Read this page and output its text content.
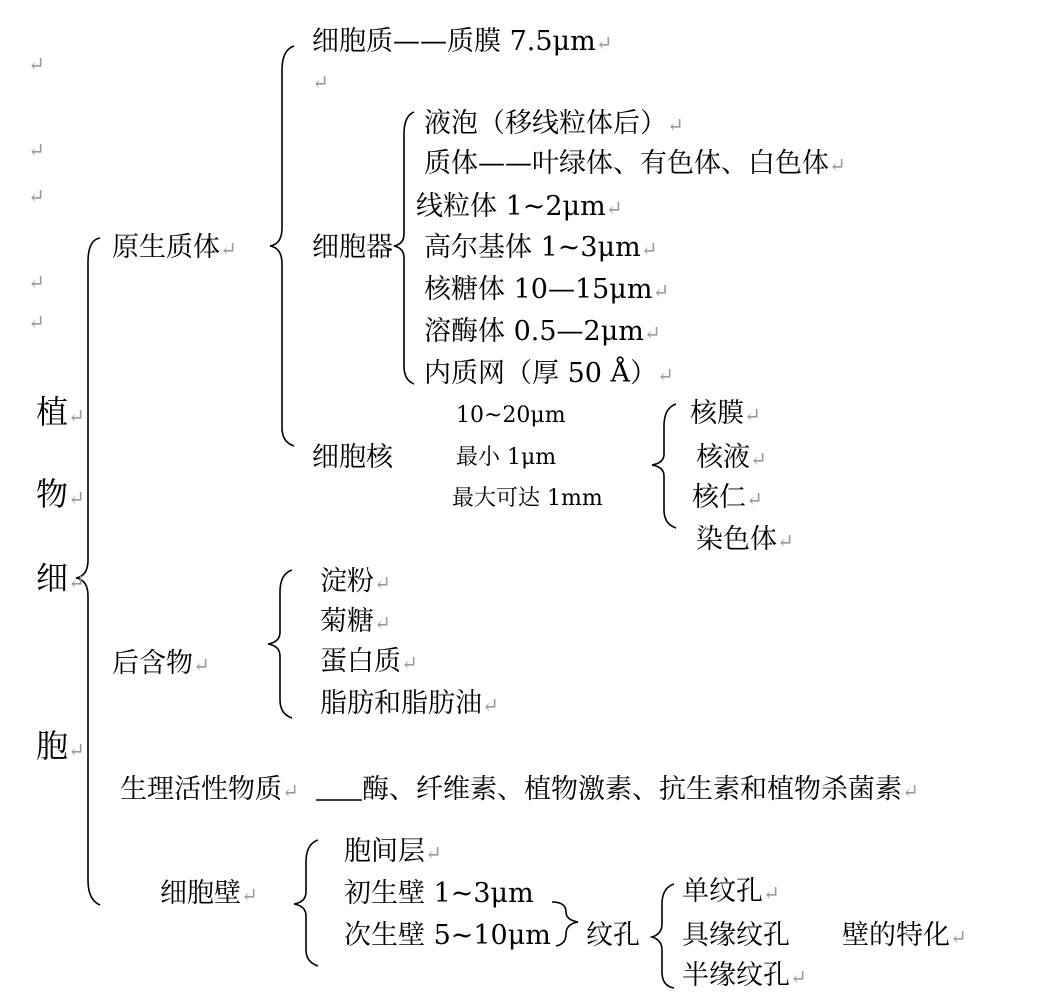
↵
↵
↵
↵
↵
植↵
物↵
细↵
胞↵
原生质体↵
细胞质——质膜 7.5μm↵
↵
细胞器
液泡（移线粒体后）↵
质体——叶绿体、有色体、白色体↵
线粒体 1~2μm↵
高尔基体 1~3μm↵
核糖体 10—15μm↵
溶酶体 0.5—2μm↵
内质网（厚 50 Å）↵
细胞核
10~20μm
最小 1μm
最大可达 1mm
核膜↵
核液↵
核仁↵
染色体↵
后含物↵
淀粉↵
菊糖↵
蛋白质↵
脂肪和脂肪油↵
生理活性物质↵ 酶、纤维素、植物激素、抗生素和植物杀菌素↵
细胞壁↵
胞间层↵
初生壁 1~3μm
次生壁 5~10μm 纹孔
单纹孔↵
具缘纹孔 壁的特化↵
半缘纹孔↵
